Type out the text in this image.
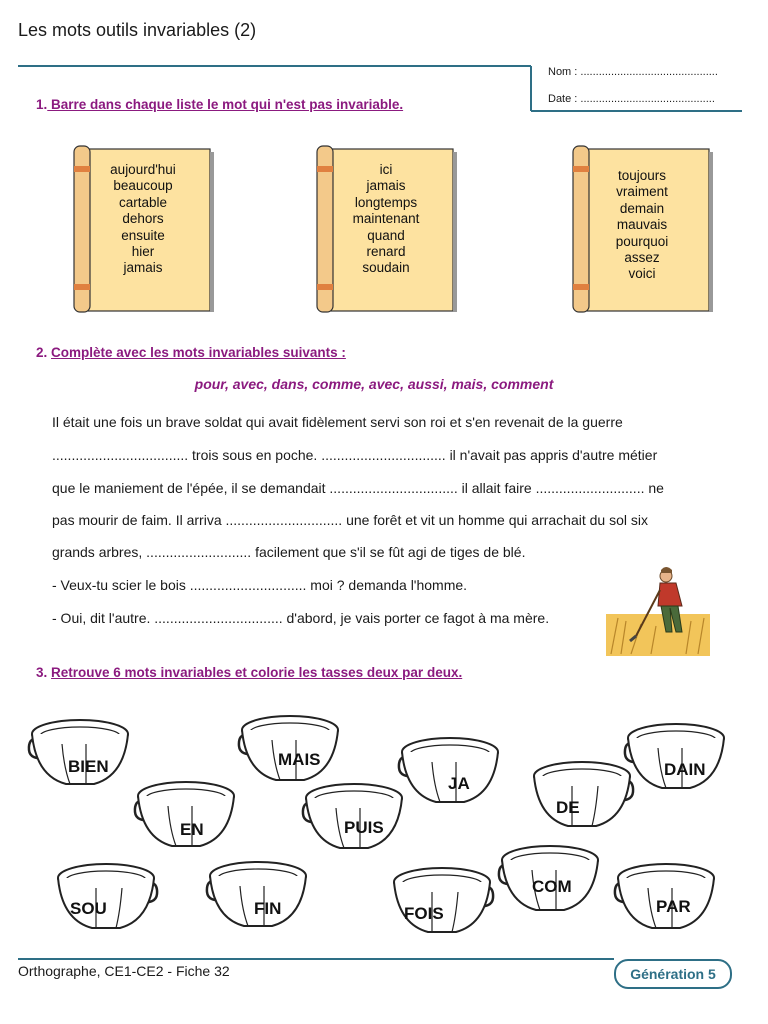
Les mots outils invariables (2)
Nom : .............................................
Date : ............................................
1. Barre dans chaque liste le mot qui n'est pas invariable.
aujourd'hui
beaucoup
cartable
dehors
ensuite
hier
jamais
ici
jamais
longtemps
maintenant
quand
renard
soudain
toujours
vraiment
demain
mauvais
pourquoi
assez
voici
2. Complète avec les mots invariables suivants :
pour, avec, dans, comme, avec, aussi, mais, comment
Il était une fois un brave soldat qui avait fidèlement servi son roi et s'en revenait de la guerre
................................... trois sous en poche. ................................ il n'avait pas appris d'autre métier
que le maniement de l'épée, il se demandait ................................. il allait faire ............................ ne
pas mourir de faim. Il arriva .............................. une forêt et vit un homme qui arrachait du sol six
grands arbres, ........................... facilement que s'il se fût agi de tiges de blé.
- Veux-tu scier le bois .............................. moi ? demanda l'homme.
- Oui, dit l'autre. ................................. d'abord, je vais porter ce fagot à ma mère.
3. Retrouve 6 mots invariables et colorie les tasses deux par deux.
BIEN	MAIS
JA
DAIN
EN	PUIS
DE
SOU	FIN	FOIS
COM
PAR
Orthographe, CE1-CE2 - Fiche 32	Génération 5
